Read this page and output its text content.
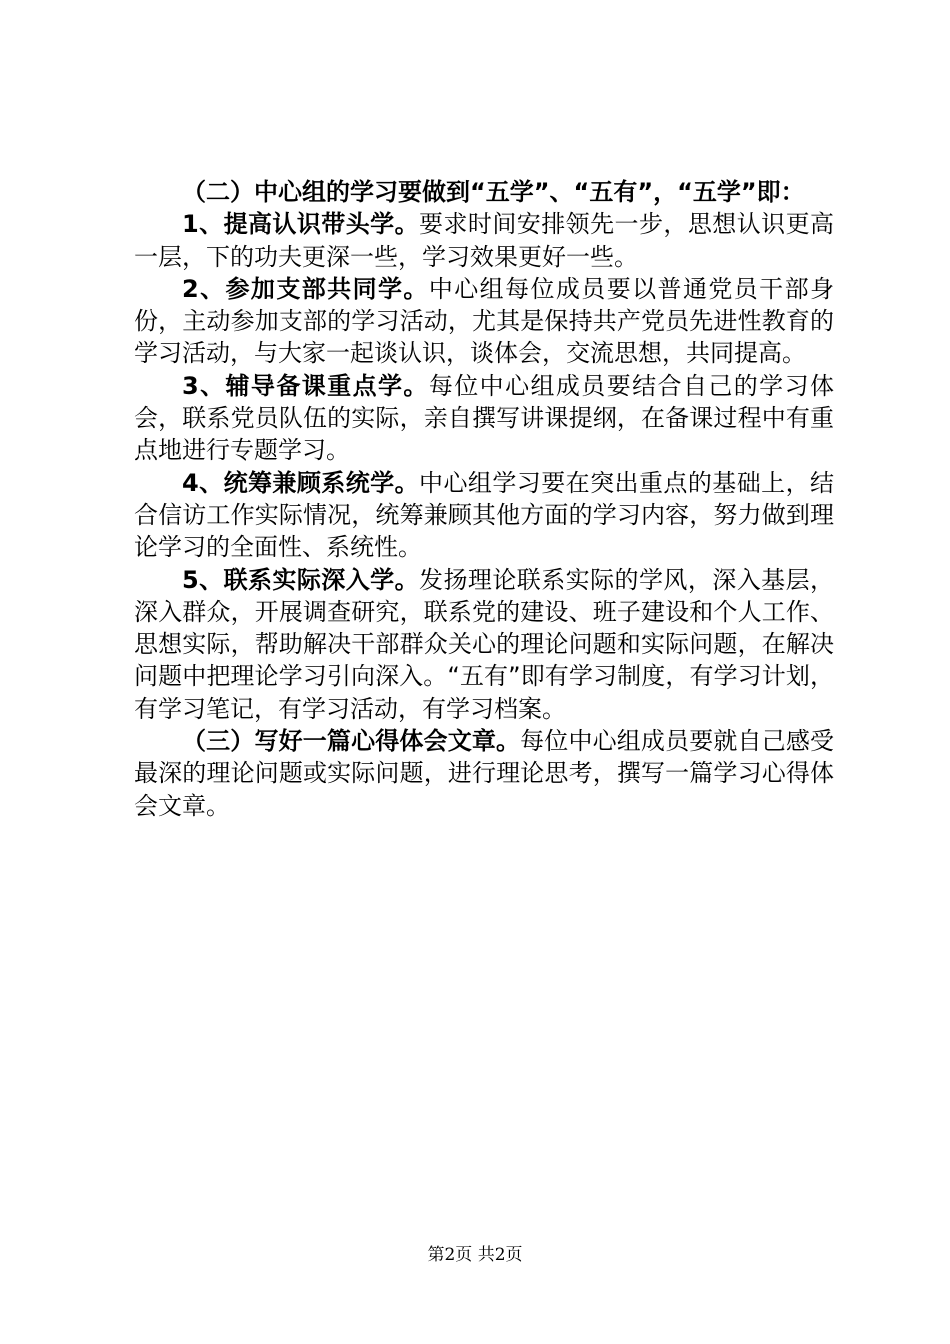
（二）中心组的学习要做到“五学”、“五有”，“五学”即：

1、提高认识带头学。要求时间安排领先一步，思想认识更高一层，下的功夫更深一些，学习效果更好一些。

2、参加支部共同学。中心组每位成员要以普通党员干部身份，主动参加支部的学习活动，尤其是保持共产党员先进性教育的学习活动，与大家一起谈认识，谈体会，交流思想，共同提高。

3、辅导备课重点学。每位中心组成员要结合自己的学习体会，联系党员队伍的实际，亲自撰写讲课提纲，在备课过程中有重点地进行专题学习。

4、统筹兼顾系统学。中心组学习要在突出重点的基础上，结合信访工作实际情况，统筹兼顾其他方面的学习内容，努力做到理论学习的全面性、系统性。

5、联系实际深入学。发扬理论联系实际的学风，深入基层，深入群众，开展调查研究，联系党的建设、班子建设和个人工作、思想实际，帮助解决干部群众关心的理论问题和实际问题，在解决问题中把理论学习引向深入。“五有”即有学习制度，有学习计划，有学习笔记，有学习活动，有学习档案。

（三）写好一篇心得体会文章。每位中心组成员要就自己感受最深的理论问题或实际问题，进行理论思考，撰写一篇学习心得体会文章。

第2页 共2页
